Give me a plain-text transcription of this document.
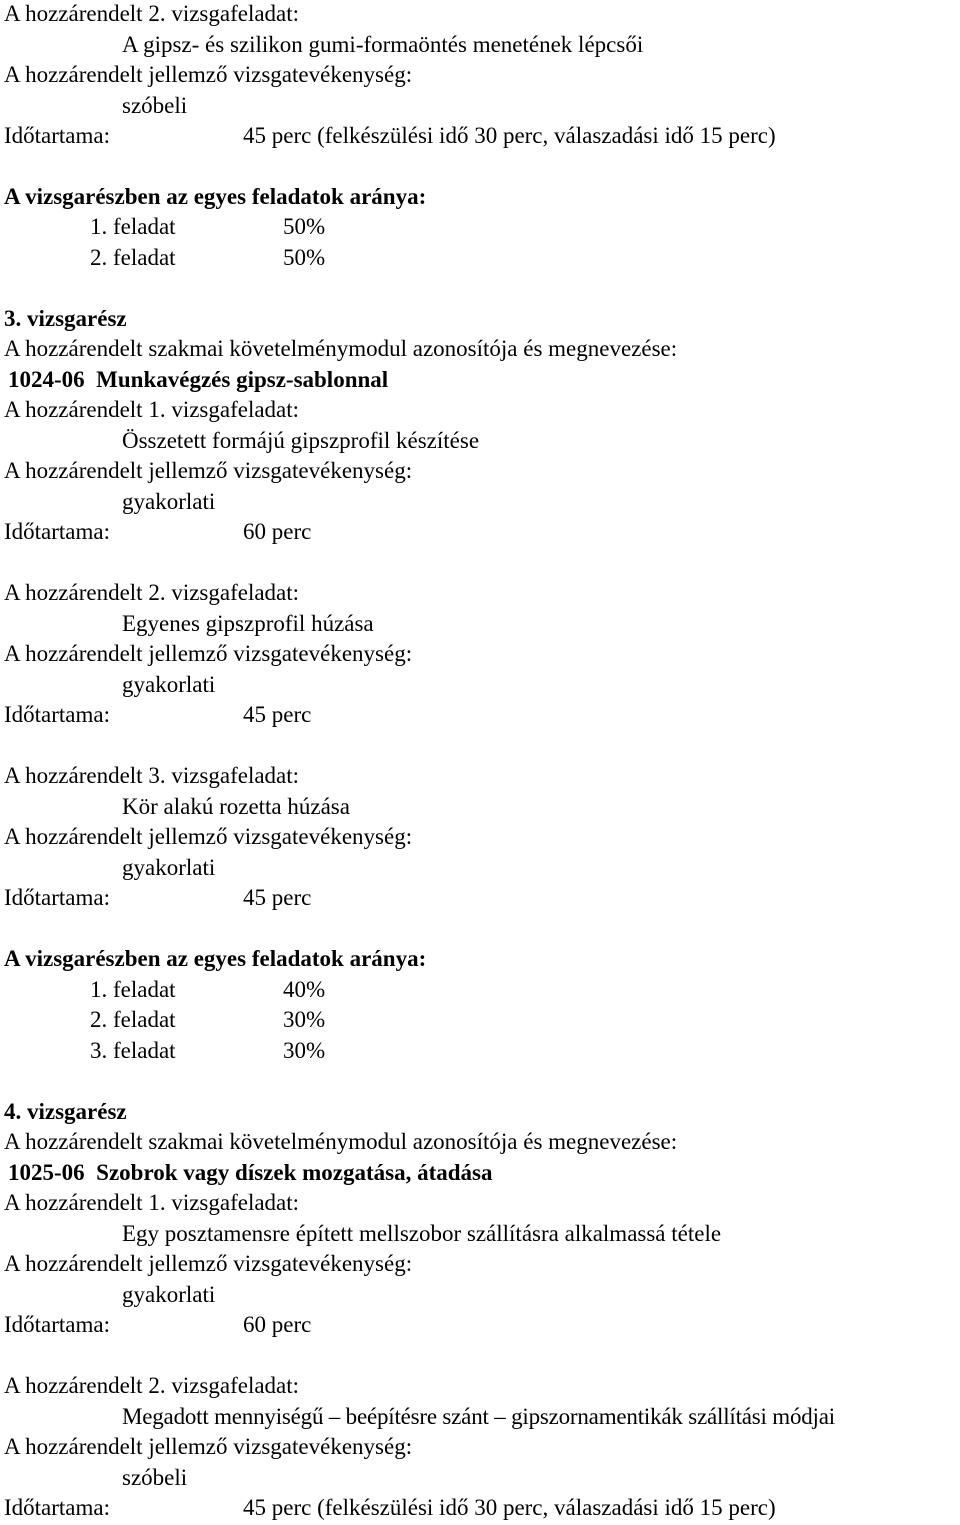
A hozzárendelt 2. vizsgafeladat:
A gipsz- és szilikon gumi-formaöntés menetének lépcsői
A hozzárendelt jellemző vizsgatevékenység:
szóbeli
Időtartama:	45 perc (felkészülési idő 30 perc, válaszadási idő 15 perc)
A vizsgarészben az egyes feladatok aránya:
1. feladat	50%
2. feladat	50%
3. vizsgarész
A hozzárendelt szakmai követelménymodul azonosítója és megnevezése:
1024-06  Munkavégzés gipsz-sablonnal
A hozzárendelt 1. vizsgafeladat:
Összetett formájú gipszprofil készítése
A hozzárendelt jellemző vizsgatevékenység:
gyakorlati
Időtartama:	60 perc
A hozzárendelt 2. vizsgafeladat:
Egyenes gipszprofil húzása
A hozzárendelt jellemző vizsgatevékenység:
gyakorlati
Időtartama:	45 perc
A hozzárendelt 3. vizsgafeladat:
Kör alakú rozetta húzása
A hozzárendelt jellemző vizsgatevékenység:
gyakorlati
Időtartama:	45 perc
A vizsgarészben az egyes feladatok aránya:
1. feladat	40%
2. feladat	30%
3. feladat	30%
4. vizsgarész
A hozzárendelt szakmai követelménymodul azonosítója és megnevezése:
1025-06  Szobrok vagy díszek mozgatása, átadása
A hozzárendelt 1. vizsgafeladat:
Egy posztamensre épített mellszobor szállításra alkalmassá tétele
A hozzárendelt jellemző vizsgatevékenység:
gyakorlati
Időtartama:	60 perc
A hozzárendelt 2. vizsgafeladat:
Megadott mennyiségű – beépítésre szánt – gipszornamentikák szállítási módjai
A hozzárendelt jellemző vizsgatevékenység:
szóbeli
Időtartama:	45 perc (felkészülési idő 30 perc, válaszadási idő 15 perc)
